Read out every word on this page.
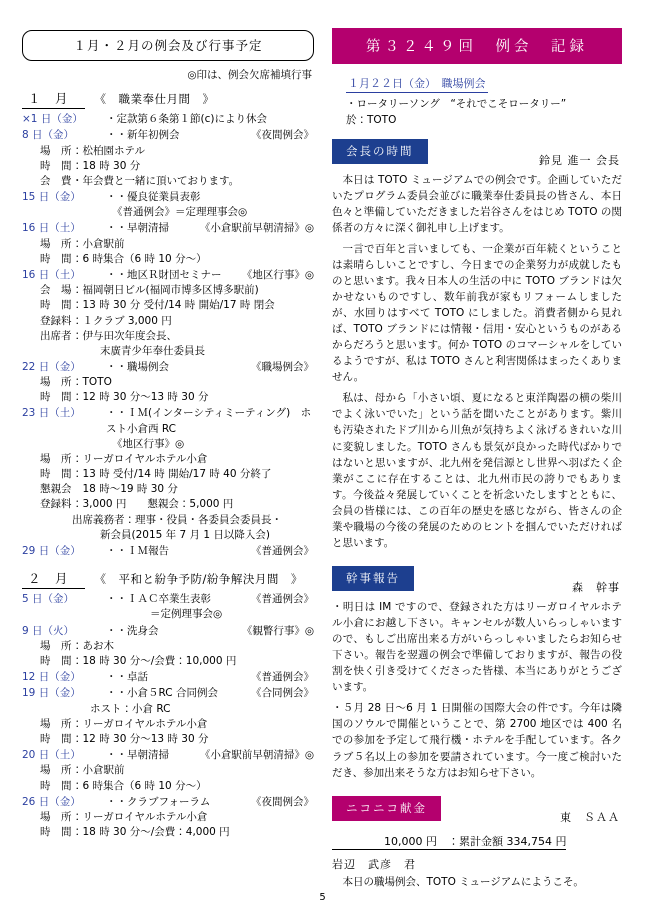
１月・２月の例会及び行事予定
◎印は、例会欠席補填行事
１　月	《　職業奉仕月間　》
×1 日（金）	・定款第６条第１節(c)により休会
8 日（金）	・・新年初例会	《夜間例会》
場　所 ：松柏園ホテル
時　間 ：18 時 30 分
会　費 ・年会費と一緒に頂いております。
15 日（金）	・・優良従業員表彰
《普通例会》＝定理理事会◎
16 日（土）	・・早朝清掃	《小倉駅前早朝清掃》◎
場　所 ：小倉駅前
時　間 ：6 時集合（6 時 10 分～）
16 日（土）	・・地区Ｒ財団セミナー	《地区行事》◎
会　場 ：福岡朝日ビル(福岡市博多区博多駅前)
時　間 ：13 時 30 分 受付/14 時 開始/17 時 閉会
登録料 ：１クラブ 3,000 円
出席者 ：伊与田次年度会長、
末廣青少年奉仕委員長
22 日（金）	・・職場例会	《職場例会》
場　所 ：TOTO
時　間 ：12 時 30 分～13 時 30 分
23 日（土）	・・ＩＭ(インターシティミーティング)　ホスト小倉西 RC
《地区行事》◎
場　所 ：リーガロイヤルホテル小倉
時　間 ：13 時 受付/14 時 開始/17 時 40 分終了
懇親会 　18 時～19 時 30 分
登録料 ：3,000 円　　懇親会：5,000 円
出席義務者：理事・役員・各委員会委員長・
新会員(2015 年 7 月 1 日以降入会)
29 日（金）	・・ＩＭ報告	《普通例会》
２　月	《　平和と紛争予防/紛争解決月間　》
5 日（金）	・・ＩＡＣ卒業生表彰	《普通例会》
＝定例理事会◎
9 日（火）	・・洗身会	《観瞥行事》◎
場　所 ：あお木
時　間 ：18 時 30 分～/会費：10,000 円
12 日（金）	・・卓話	《普通例会》
19 日（金）	・・小倉５RC 合同例会	《合同例会》
ホスト：小倉 RC
場　所 ：リーガロイヤルホテル小倉
時　間 ：12 時 30 分～13 時 30 分
20 日（土）	・・早朝清掃	《小倉駅前早朝清掃》◎
場　所 ：小倉駅前
時　間 ：6 時集合（6 時 10 分～）
26 日（金）	・・クラブフォーラム	《夜間例会》
場　所 ：リーガロイヤルホテル小倉
時　間 ：18 時 30 分～/会費：4,000 円
第３２４９回　例会　記録
１月２２日（金）　職場例会
・ロータリーソング　“それでこそロータリー”
於：TOTO
会長の時間
鈴見 進一 会長

本日は TOTO ミュージアムでの例会です。企画していただいたプログラム委員会並びに職業奉仕委員長の皆さん、本日色々と準備していただきました岩谷さんをはじめ TOTO の関係者の方々に深く御礼申し上げます。

一言で百年と言いましても、一企業が百年続くということは素晴らしいことですし、今日までの企業努力が成就したものと思います。我々日本人の生活の中に TOTO ブランドは欠かせないものですし、数年前我が家もリフォームしましたが、水回りはすべて TOTO にしました。消費者側から見れば、TOTO ブランドには情報・信用・安心というものがあるからだろうと思います。何か TOTO のコマーシャルをしているようですが、私は TOTO さんと利害関係はまったくありません。

私は、母から「小さい頃、夏になると東洋陶器の横の柴川でよく泳いでいた」という話を聞いたことがあります。紫川も汚染されたドブ川から川魚が気持ちよく泳げるきれいな川に変貌しました。TOTO さんも景気が良かった時代ばかりではないと思いますが、北九州を発信源とし世界へ羽ばたく企業がここに存在することは、北九州市民の誇りでもあります。今後益々発展していくことを祈念いたしますとともに、会員の皆様には、この百年の歴史を感じながら、皆さんの企業や職場の今後の発展のためのヒントを掴んでいただければと思います。

幹事報告
森　幹事

・明日は IM ですので、登録された方はリーガロイヤルホテル小倉にお越し下さい。キャンセルが数人いらっしゃいますので、もしご出席出来る方がいらっしゃいましたらお知らせ下さい。報告を翌週の例会で準備しておりますが、報告の役割を快く引き受けてくださった皆様、本当にありがとうございます。

・５月 28 日～6 月 1 日開催の国際大会の件です。今年は隣国のソウルで開催ということで、第 2700 地区では 400 名での参加を予定して飛行機・ホテルを手配しています。各クラブ５名以上の参加を要請されています。今一度ご検討いただき、参加出来そうな方はお知らせ下さい。

ニコニコ献金
東　ＳＡＡ
10,000 円　：累計金額 334,754 円
岩辺　武彦　君

本日の職場例会、TOTO ミュージアムにようこそ。

5
